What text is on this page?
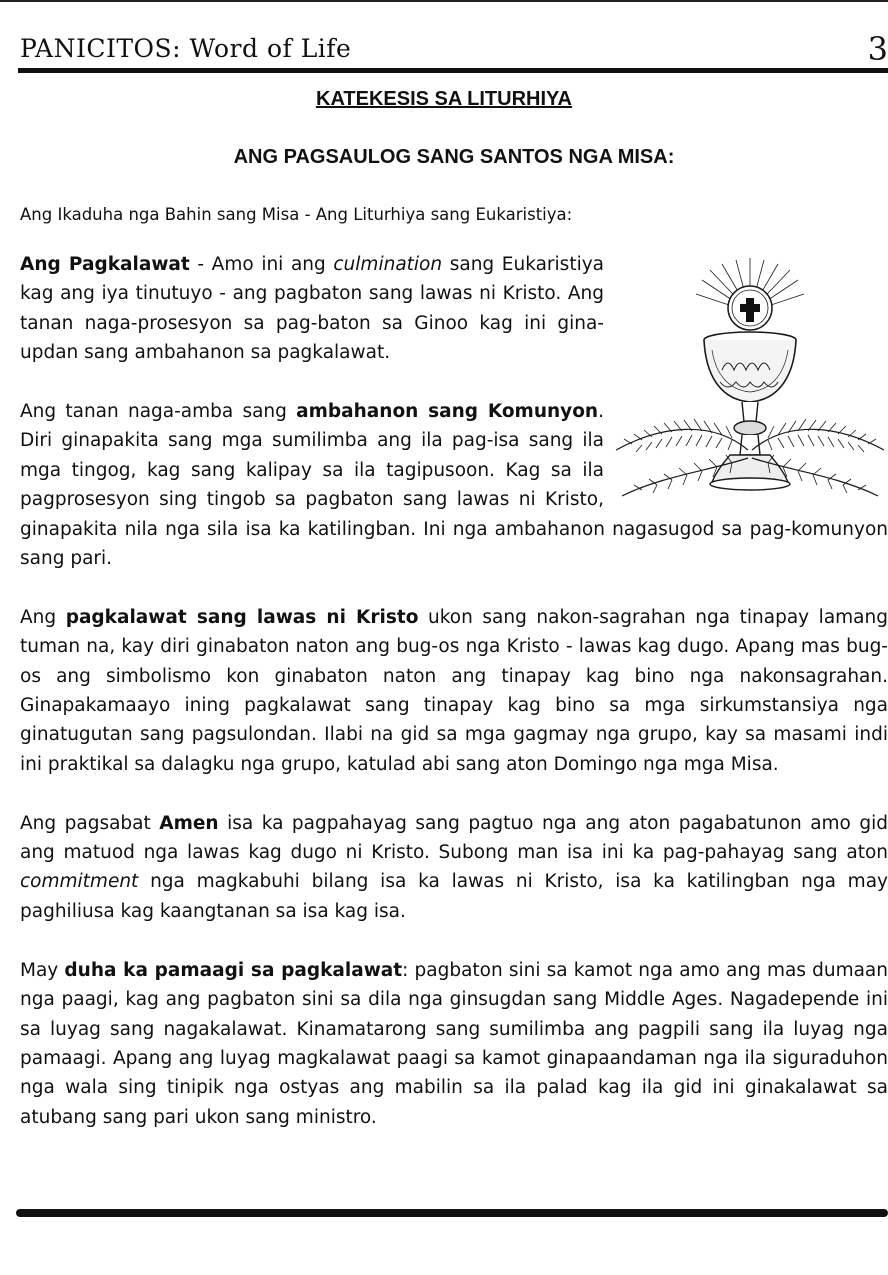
PANICITOS: Word of Life	3
KATEKESIS SA LITURHIYA
ANG PAGSAULOG SANG SANTOS NGA MISA:
Ang Ikaduha nga Bahin sang Misa - Ang Liturhiya sang Eukaristiya:

Ang Pagkalawat - Amo ini ang culmination sang Eukaristiya kag ang iya tinutuyo - ang pagbaton sang lawas ni Kristo. Ang tanan naga-prosesyon sa pag-baton sa Ginoo kag ini gina-updan sang ambahanon sa pagkalawat.

Ang tanan naga-amba sang ambahanon sang Komunyon. Diri ginapakita sang mga sumilimba ang ila pag-isa sang ila mga tingog, kag sang kalipay sa ila tagipusoon. Kag sa ila pagprosesyon sing tingob sa pagbaton sang lawas ni Kristo, ginapakita nila nga sila isa ka katilingban. Ini nga ambahanon nagasugod sa pag-komunyon sang pari.

Ang pagkalawat sang lawas ni Kristo ukon sang nakon-sagrahan nga tinapay lamang tuman na, kay diri ginabaton naton ang bug-os nga Kristo - lawas kag dugo. Apang mas bug-os ang simbolismo kon ginabaton naton ang tinapay kag bino nga nakonsagrahan. Ginapakamaayo ining pagkalawat sang tinapay kag bino sa mga sirkumstansiya nga ginatugutan sang pagsulondan. Ilabi na gid sa mga gagmay nga grupo, kay sa masami indi ini praktikal sa dalagku nga grupo, katulad abi sang aton Domingo nga mga Misa.

Ang pagsabat Amen isa ka pagpahayag sang pagtuo nga ang aton pagabatunon amo gid ang matuod nga lawas kag dugo ni Kristo. Subong man isa ini ka pag-pahayag sang aton commitment nga magkabuhi bilang isa ka lawas ni Kristo, isa ka katilingban nga may paghiliusa kag kaangtanan sa isa kag isa.

May duha ka pamaagi sa pagkalawat: pagbaton sini sa kamot nga amo ang mas dumaan nga paagi, kag ang pagbaton sini sa dila nga ginsugdan sang Middle Ages. Nagadepende ini sa luyag sang nagakalawat. Kinamatarong sang sumilimba ang pagpili sang ila luyag nga pamaagi. Apang ang luyag magkalawat paagi sa kamot ginapaandaman nga ila siguraduhon nga wala sing tinipik nga ostyas ang mabilin sa ila palad kag ila gid ini ginakalawat sa atubang sang pari ukon sang ministro.
